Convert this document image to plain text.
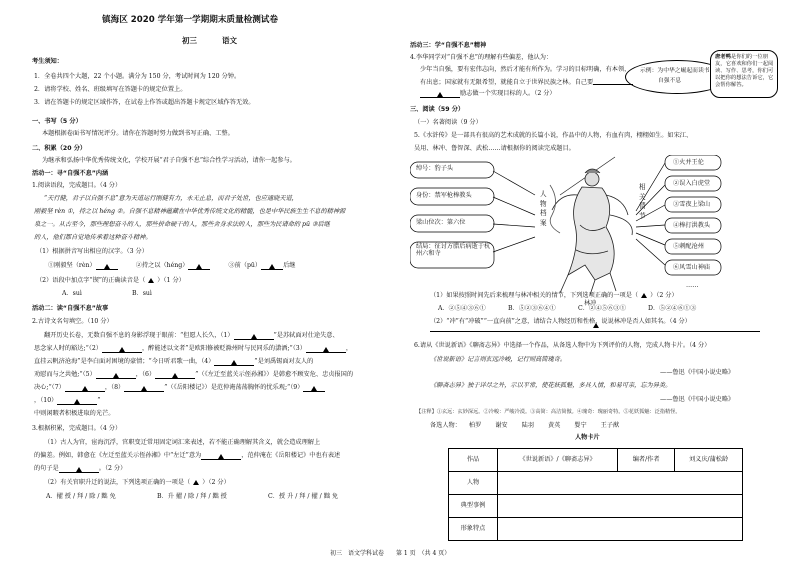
镇海区 2020 学年第一学期期末质量检测试卷
初三	语文
考生须知：
1．全卷共四个大题，22 个小题。满分为 150 分，考试时间为 120 分钟。
2．请将学校、姓名、班级填写在答题卡的规定位置上。
3．请在答题卡的规定区域作答，在试卷上作答或超出答题卡规定区域作答无效。
一、书写（5 分）
本题根据卷面书写情况评分。请你在答题时努力做到书写正确、工整。
二、积累（20 分）
为继承和弘扬中华优秀传统文化，学校开展“君子自强不息”综合性学习活动，请你一起参与。
活动一：寻“自强不息”内涵
1.阅读语段，完成题目。（4 分）
“天行健，君子以自强不息”意为天道运行刚健有力，永无止息，而君子处世，也应通晓天道，
刚毅坚 rèn ①，持之以 héng ②。自强不息精神蕴藏在中华优秀传统文化的精髓，也是中华民族生生不息的精神源
泉之一。从古至今，那些理想奋斗的人，那些拼命硬干的人，那些舍身求法的人，那些为民请命的 pū ③后继
的人，他们都自觉地传承着这种奋斗精神。
（1）根据拼音写出相应的汉字。（3 分）
①刚毅坚（rèn）	②持之以（héng）	③前（pū）	后继
（2）语段中加点字“锲”的正确读音是（ ）（1 分）
A．suì	B．suì
活动二：读“自强不息”故事
2.古诗文名句填空。（10 分）
翻开历史长卷，无数自强不息的身影浮现于眼前：“但愿人长久，（1）	”是苏轼面对仕途失意、
思念家人时的豁达;“（2）	，醉能述以文者”是欧阳修被贬滁州时与民同乐的潇洒;“（3）	，
直挂云帆济沧海”是李白面对困境的豪情；“今日听君歌一曲，（4）	”是刘禹锡面对友人的
劝慰而与之共勉;“（5）	，（6）	”（《左迁至蓝关示侄孙湘》）是韩愈不顾安危、忠贞报国的
决心;“（7）	，（8）	”（《岳阳楼记》）是范仲淹荡荡胸怀的忧乐观;“（9）
，（10）	”
中则闲暇者积极进取的光芒。
3.根据积累，完成题目。（4 分）
（1）古人为官，宦海沉浮，官职变迁常用固定词汇来表述，若不能正确理解其含义，就会造成理解上
的偏差。例如，韩愈在《左迁至蓝关示侄孙湘》中“左迁”意为	，范仲淹在《岳阳楼记》中也有表述
的句子是	。（2 分）
（2）有关官职升迁的说法，下列选项正确的一项是（ ）（2 分）
A．擢 授 / 拜 / 除 / 黜 免	B．升 擢 / 除 / 拜 / 黜 授	C．授 升 / 拜 / 擢 / 黜 免
活动三：学“自强不息”精神
4.李华同学对“自强不息”的理解有些偏差，他认为：
少年当自强，要有宏伟志向，然后才能有所作为。学习的目标明确，有本领，
有出息；国家就有无限希望，就能自立于世界民族之林。自己要
励志做一个实现目标的人。（2 分）
示例：为中华之崛起而读书
自强不息
唐老鸭是你们的一位朋友，它喜欢和你们一起阅读、写作、思考，你们可以把你的想法告诉它，它会帮你解答。
三、阅读（59 分）
（一）名著阅读（9 分）
5.《水浒传》是一部具有很高的艺术成就的长篇小说，作品中的人物，有血有肉，栩栩如生。如宋江、
吴用、林冲、鲁智深、武松……请根据你的阅读完成题目。
绰号：豹子头
身份：禁军枪棒教头
梁山位次：第六位
结局：征讨方腊后病逝于杭州六和寺
人物档案
林冲
相关情节
①火并王伦
②误入白虎堂
③雪夜上梁山
④棒打洪教头
⑤刺配沧州
⑥风雪山神庙
……
（1）如果按照时间先后来梳理与林冲相关的情节，下列选项正确的一项是（ ）（2 分）
A．②⑤④③⑥①	B．⑤②③⑥④①	C．②④⑤⑥③①	D．⑤②④⑥①③
（2）“冲”有“冲破”“一直向前”之意，请结合人物经历和性格，说说林冲是否人如其名。（4 分）
6.请从《世说新语》《聊斋志异》中选择一个作品，从备选人物中为下列评价的人物，完成人物卡片。（4 分）
《世说新语》记言则玄远冷峻，记行则高简瑰奇。
——鲁迅《中国小说史略》
《聊斋志异》独于详尽之外，示以平常，使花妖狐魅，多具人情，和易可亲，忘为异类。
——鲁迅《中国小说史略》
【注释】①玄远：玄妙深远。②冷峻：严峻冷漠。③高简：高洁简傲。④瑰奇：瑰丽奇特。⑤花妖狐魅：泛指精怪。
备选人物： 柏罗 谢安 陆羽 黄英 婴宁 王子猷
人物卡片
作品	《世说新语》/《聊斋志异》	编者/作者	刘义庆/蒲松龄
人物			
典型事例			
形象特点			
初三　语文学科试卷　　第 1 页　（共 4 页）
